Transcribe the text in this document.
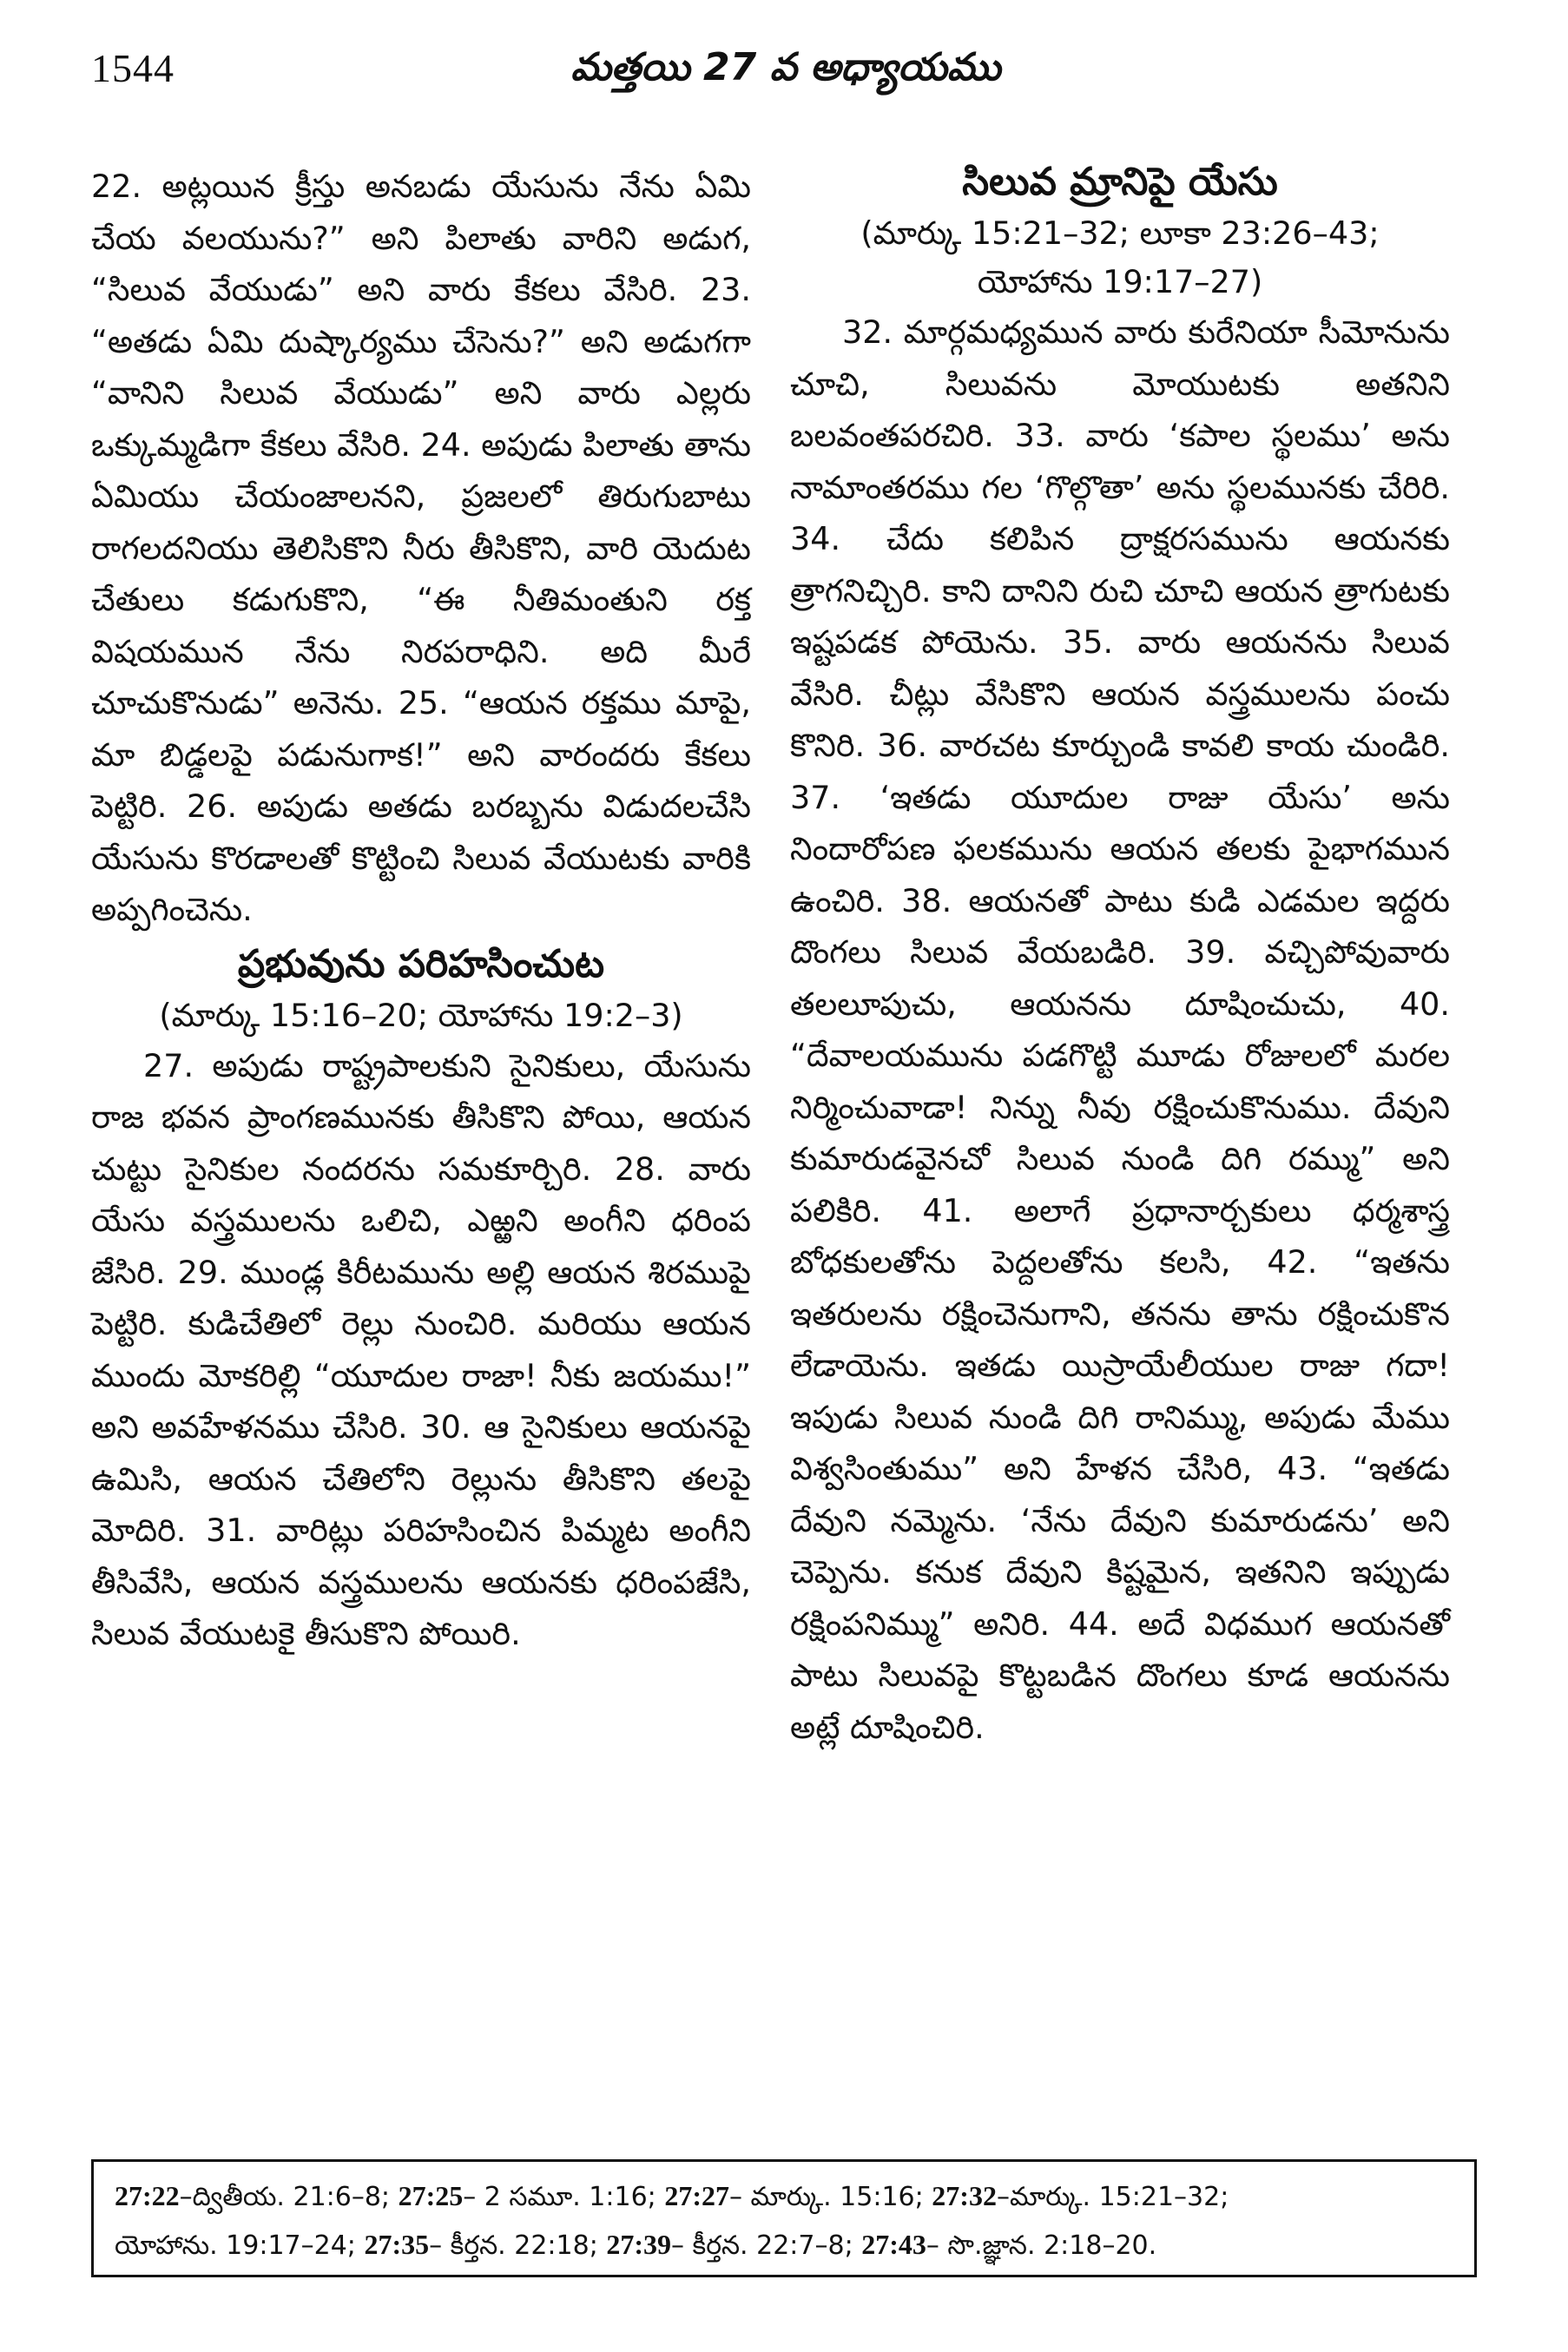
1544	మత్తయి 27 వ అధ్యాయము

22. అట్లయిన క్రీస్తు అనబడు యేసును నేను ఏమి చేయ వలయును?” అని పిలాతు వారిని అడుగ, “సిలువ వేయుడు” అని వారు కేకలు వేసిరి. 23. “అతడు ఏమి దుష్కార్యము చేసెను?” అని అడుగగా “వానిని సిలువ వేయుడు” అని వారు ఎల్లరు ఒక్కుమ్మడిగా కేకలు వేసిరి. 24. అపుడు పిలాతు తాను ఏమియు చేయంజాలనని, ప్రజలలో తిరుగుబాటు రాగలదనియు తెలిసికొని నీరు తీసికొని, వారి యెదుట చేతులు కడుగుకొని, “ఈ నీతిమంతుని రక్త విషయమున నేను నిరపరాధిని. అది మీరే చూచుకొనుడు” అనెను. 25. “ఆయన రక్తము మాపై, మా బిడ్డలపై పడునుగాక!” అని వారందరు కేకలు పెట్టిరి. 26. అపుడు అతడు బరబ్బను విడుదలచేసి యేసును కొరడాలతో కొట్టించి సిలువ వేయుటకు వారికి అప్పగించెను.

ప్రభువును పరిహసించుట

(మార్కు 15:16–20; యోహాను 19:2–3)

27. అపుడు రాష్ట్రపాలకుని సైనికులు, యేసును రాజ భవన ప్రాంగణమునకు తీసికొని పోయి, ఆయన చుట్టు సైనికుల నందరను సమకూర్చిరి. 28. వారు యేసు వస్త్రములను ఒలిచి, ఎఱ్ఱని అంగీని ధరింప జేసిరి. 29. ముండ్ల కిరీటమును అల్లి ఆయన శిరముపై పెట్టిరి. కుడిచేతిలో రెల్లు నుంచిరి. మరియు ఆయన ముందు మోకరిల్లి “యూదుల రాజా! నీకు జయము!” అని అవహేళనము చేసిరి. 30. ఆ సైనికులు ఆయనపై ఉమిసి, ఆయన చేతిలోని రెల్లును తీసికొని తలపై మోదిరి. 31. వారిట్లు పరిహసించిన పిమ్మట అంగీని తీసివేసి, ఆయన వస్త్రములను ఆయనకు ధరింపజేసి, సిలువ వేయుటకై తీసుకొని పోయిరి.

సిలువ మ్రానిపై యేసు

(మార్కు 15:21–32; లూకా 23:26–43;

యోహాను 19:17–27)

32. మార్గమధ్యమున వారు కురేనియా సీమోనును చూచి, సిలువను మోయుటకు అతనిని బలవంతపరచిరి. 33. వారు ‘కపాల స్థలము’ అను నామాంతరము గల ‘గొల్గొతా’ అను స్థలమునకు చేరిరి. 34. చేదు కలిపిన ద్రాక్షరసమును ఆయనకు త్రాగనిచ్చిరి. కాని దానిని రుచి చూచి ఆయన త్రాగుటకు ఇష్టపడక పోయెను. 35. వారు ఆయనను సిలువ వేసిరి. చీట్లు వేసికొని ఆయన వస్త్రములను పంచు కొనిరి. 36. వారచట కూర్చుండి కావలి కాయ చుండిరి. 37. ‘ఇతడు యూదుల రాజు యేసు’ అను నిందారోపణ ఫలకమును ఆయన తలకు పైభాగమున ఉంచిరి. 38. ఆయనతో పాటు కుడి ఎడమల ఇద్దరు దొంగలు సిలువ వేయబడిరి. 39. వచ్చిపోవువారు తలలూపుచు, ఆయనను దూషించుచు, 40. “దేవాలయమును పడగొట్టి మూడు రోజులలో మరల నిర్మించువాడా! నిన్ను నీవు రక్షించుకొనుము. దేవుని కుమారుడవైనచో సిలువ నుండి దిగి రమ్ము” అని పలికిరి. 41. అలాగే ప్రధానార్చకులు ధర్మశాస్త్ర బోధకులతోను పెద్దలతోను కలసి, 42. “ఇతను ఇతరులను రక్షించెనుగాని, తనను తాను రక్షించుకొన లేడాయెను. ఇతడు యిస్రాయేలీయుల రాజు గదా! ఇపుడు సిలువ నుండి దిగి రానిమ్ము, అపుడు మేము విశ్వసింతుము” అని హేళన చేసిరి, 43. “ఇతడు దేవుని నమ్మెను. ‘నేను దేవుని కుమారుడను’ అని చెప్పెను. కనుక దేవుని కిష్టమైన, ఇతనిని ఇప్పుడు రక్షింపనిమ్ము” అనిరి. 44. అదే విధముగ ఆయనతో పాటు సిలువపై కొట్టబడిన దొంగలు కూడ ఆయనను అట్లే దూషించిరి.

27:22–ద్వితీయ. 21:6–8; 27:25– 2 సమూ. 1:16; 27:27– మార్కు. 15:16; 27:32–మార్కు. 15:21–32;
యోహాను. 19:17–24; 27:35– కీర్తన. 22:18; 27:39– కీర్తన. 22:7–8; 27:43– సొ.జ్ఞాన. 2:18–20.
